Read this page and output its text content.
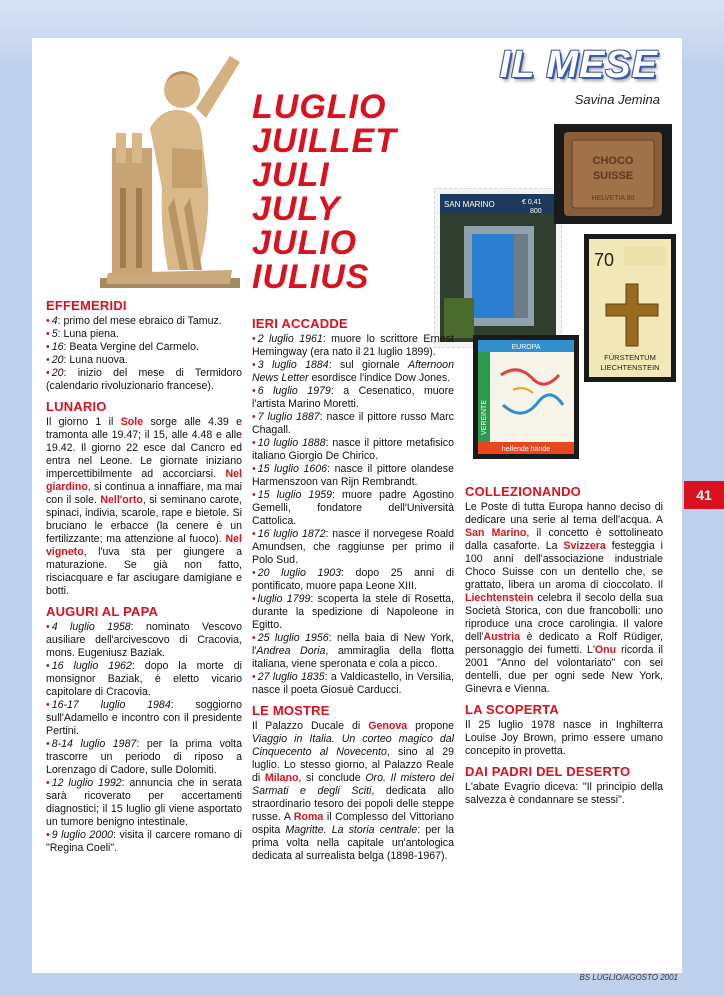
IL MESE
Savina Jemina
LUGLIO
JUILLET
JULI
JULY
JULIO
IULIUS
SAN MARINO	€ 0,41
800
CHOCO
SUISSE
HELVETIA 90
70
FÜRSTENTUM
LIECHTENSTEIN
EUROPA
VEREINTE
helfende hände
EFFEMERIDI

• 4: primo del mese ebraico di Tamuz.

• 5: Luna piena.

• 16: Beata Vergine del Carmelo.

• 20: Luna nuova.

• 20: inizio del mese di Termidoro (calendario rivoluzionario francese).

LUNARIO

Il giorno 1 il Sole sorge alle 4.39 e tramonta alle 19.47; il 15, alle 4.48 e alle 19.42. Il giorno 22 esce dal Cancro ed entra nel Leone. Le giornate iniziano impercettibilmente ad accorciarsi. Nel giardino, si continua a innaffiare, ma mai con il sole. Nell'orto, si seminano carote, spinaci, indivia, scarole, rape e bietole. Si bruciano le erbacce (la cenere è un fertilizzante; ma attenzione al fuoco). Nel vigneto, l'uva sta per giungere a maturazione. Se già non fatto, risciacquare e far asciugare damigiane e botti.

AUGURI AL PAPA

• 4 luglio 1958: nominato Vescovo ausiliare dell'arcivescovo di Cracovia, mons. Eugeniusz Baziak.

• 16 luglio 1962: dopo la morte di monsignor Baziak, è eletto vicario capitolare di Cracovia.

• 16-17 luglio 1984: soggiorno sull'Adamello e incontro con il presidente Pertini.

• 8-14 luglio 1987: per la prima volta trascorre un periodo di riposo a Lorenzago di Cadore, sulle Dolomiti.

• 12 luglio 1992: annuncia che in serata sarà ricoverato per accertamenti diagnostici; il 15 luglio gli viene asportato un tumore benigno intestinale.

• 9 luglio 2000: visita il carcere romano di "Regina Coeli".

IERI ACCADDE

• 2 luglio 1961: muore lo scrittore Ernest Hemingway (era nato il 21 luglio 1899).

• 3 luglio 1884: sul giornale Afternoon News Letter esordisce l'indice Dow Jones.

• 6 luglio 1979: a Cesenatico, muore l'artista Marino Moretti.

• 7 luglio 1887: nasce il pittore russo Marc Chagall.

• 10 luglio 1888: nasce il pittore metafisico italiano Giorgio De Chirico.

• 15 luglio 1606: nasce il pittore olandese Harmenszoon van Rijn Rembrandt.

• 15 luglio 1959: muore padre Agostino Gemelli, fondatore dell'Università Cattolica.

• 16 luglio 1872: nasce il norvegese Roald Amundsen, che raggiunse per primo il Polo Sud.

• 20 luglio 1903: dopo 25 anni di pontificato, muore papa Leone XIII.

• luglio 1799: scoperta la stele di Rosetta, durante la spedizione di Napoleone in Egitto.

• 25 luglio 1956: nella baia di New York, l'Andrea Doria, ammiraglia della flotta italiana, viene speronata e cola a picco.

• 27 luglio 1835: a Valdicastello, in Versilia, nasce il poeta Giosuè Carducci.

LE MOSTRE

Il Palazzo Ducale di Genova propone Viaggio in Italia. Un corteo magico dal Cinquecento al Novecento, sino al 29 luglio. Lo stesso giorno, al Palazzo Reale di Milano, si conclude Oro. Il mistero dei Sarmati e degli Sciti, dedicata allo straordinario tesoro dei popoli delle steppe russe. A Roma il Complesso del Vittoriano ospita Magritte. La storia centrale: per la prima volta nella capitale un'antologica dedicata al surrealista belga (1898-1967).

COLLEZIONANDO

Le Poste di tutta Europa hanno deciso di dedicare una serie al tema dell'acqua. A San Marino, il concetto è sottolineato dalla casaforte. La Svizzera festeggia i 100 anni dell'associazione industriale Choco Suisse con un dentello che, se grattato, libera un aroma di cioccolato. Il Liechtenstein celebra il secolo della sua Società Storica, con due francobolli: uno riproduce una croce carolingia. Il valore dell'Austria è dedicato a Rolf Rüdiger, personaggio dei fumetti. L'Onu ricorda il 2001 "Anno del volontariato" con sei dentelli, due per ogni sede New York, Ginevra e Vienna.

LA SCOPERTA

Il 25 luglio 1978 nasce in Inghilterra Louise Joy Brown, primo essere umano concepito in provetta.

DAI PADRI DEL DESERTO

L'abate Evagrio diceva: "Il principio della salvezza è condannare se stessi".

41
BS LUGLIO/AGOSTO 2001
